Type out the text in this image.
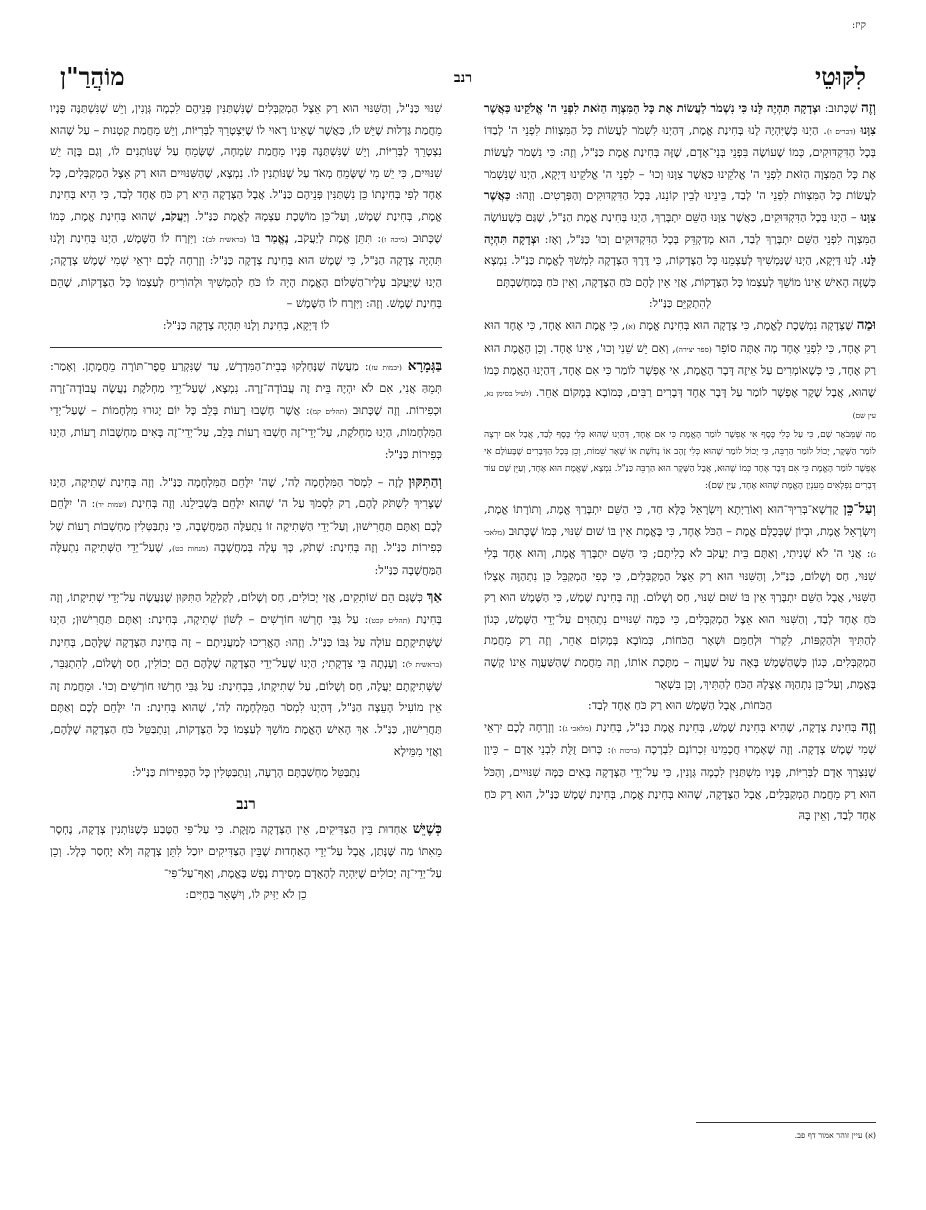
קיז:
לִקּוּטֵי
רנב
מוֹהֲרַ"ן

וְזֶה שֶׁכָּתוּב: וּצְדָקָה תִּהְיֶה לָּנוּ כִּי נִשְׁמֹר לַעֲשׂוֹת אֶת כָּל הַמִּצְוָה הַזֹּאת לִפְנֵי ה' אֱלֹקֵינוּ כַּאֲשֶׁר צִוָּנוּ (דברים ו). הַיְנוּ כְּשֶׁיִּהְיֶה לָנוּ בְּחִינַת אֱמֶת, דְּהַיְנוּ לִשְׁמֹר לַעֲשׂוֹת כָּל הַמִּצְווֹת לִפְנֵי ה' לְבַדּוֹ בְּכָל הַדִּקְדּוּקִים, כְּמוֹ שֶׁעוֹשֶׂה בִּפְנֵי בְּנֵי־אָדָם, שֶׁזֶּה בְּחִינַת אֱמֶת כַּנַּ"ל, וְזֶה: כִּי נִשְׁמֹר לַעֲשׂוֹת אֶת כָּל הַמִּצְוָה הַזֹּאת לִפְנֵי ה' אֱלֹקֵינוּ כַּאֲשֶׁר צִוָּנוּ וְכוּ' – לִפְנֵי ה' אֱלֹקֵינוּ דַּיְקָא, הַיְנוּ שֶׁנִּשְׁמֹר לַעֲשׂוֹת כָּל הַמִּצְווֹת לִפְנֵי ה' לְבַד, בֵּינֵינוּ לְבֵין קוֹנֵנוּ, בְּכָל הַדִּקְדּוּקִים וְהַפְּרָטִים. וְזֶהוּ: כַּאֲשֶׁר צִוָּנוּ – הַיְנוּ בְּכָל הַדִּקְדּוּקִים, כַּאֲשֶׁר צִוָּנוּ הַשֵּׁם יִתְבָּרַךְ, הַיְנוּ בְּחִינַת אֱמֶת הַנַּ"ל, שֶׁגַּם כְּשֶׁעוֹשֶׂה הַמִּצְוָה לִפְנֵי הַשֵּׁם יִתְבָּרַךְ לְבַד, הוּא מְדַקְדֵּק בְּכָל הַדִּקְדּוּקִים וְכוּ' כַּנַּ"ל, וְאָז: וּצְדָקָה תִּהְיֶה לָּנוּ. לָנוּ דַּיְקָא, הַיְנוּ שֶׁנַּמְשִׁיךְ לְעַצְמֵנוּ כָּל הַצְּדָקוֹת, כִּי דֶּרֶךְ הַצְּדָקָה לִמְשֹׁךְ לָאֱמֶת כַּנַּ"ל. נִמְצָא כְּשֶׁזֶּה הָאִישׁ אֵינוֹ מוֹשֵׁךְ לְעַצְמוֹ כָּל הַצְּדָקוֹת, אֲזַי אֵין לָהֶם כֹּחַ הַצְּדָקָה, וְאֵין כֹּחַ בְּמַחְשַׁבְתָּם

לְהִתְקַיֵּם כַּנַּ"ל:

וּמַה שֶׁצְּדָקָה נִמְשֶׁכֶת לָאֱמֶת, כִּי צְדָקָה הוּא בְּחִינַת אֱמֶת (א), כִּי אֱמֶת הוּא אֶחָד, כִּי אֶחָד הוּא רַק אֶחָד, כִּי לִפְנֵי אֶחָד מָה אַתָּה סוֹפֵר (ספר יצירה), וְאִם יֵשׁ שֵׁנִי וְכוּ', אֵינוֹ אֶחָד. וְכֵן הָאֱמֶת הוּא רַק אֶחָד, כִּי כְּשֶׁאוֹמְרִים עַל אֵיזֶה דָּבָר הָאֱמֶת, אִי אֶפְשָׁר לוֹמַר כִּי אִם אֶחָד, דְּהַיְנוּ הָאֱמֶת כְּמוֹ שֶׁהוּא, אֲבָל שֶׁקֶר אֶפְשָׁר לוֹמַר עַל דָּבָר אֶחָד דְּבָרִים רַבִּים, כְּמוֹבָא בְּמָקוֹם אַחֵר. (לעיל בסימן נא, עין שם)

מַה שֶּׁמְּבֹאָר שָׁם, כִּי עַל כְּלִי כֶּסֶף אִי אֶפְשָׁר לוֹמַר הָאֱמֶת כִּי אִם אֶחָד, דְּהַיְנוּ שֶׁהוּא כְּלִי כֶּסֶף לְבַד, אֲבָל אִם יִרְצֶה לוֹמַר הַשֶּׁקֶר, יָכוֹל לוֹמַר הַרְבֵּה, כִּי יָכוֹל לוֹמַר שֶׁהוּא כְּלִי זָהָב אוֹ נְחֹשֶׁת אוֹ שְׁאָר שֵׁמוֹת, וְכֵן בְּכָל הַדְּבָרִים שֶׁבָּעוֹלָם אִי אֶפְשָׁר לוֹמַר הָאֱמֶת כִּי אִם דָּבָר אֶחָד כְּמוֹ שֶׁהוּא, אֲבָל הַשֶּׁקֶר הוּא הַרְבֵּה כַּנַּ"ל. נִמְצָא, שֶׁאֱמֶת הוּא אֶחָד, וְעַיֵּן שָׁם עוֹד דְּבָרִים נִפְלָאִים מֵעִנְיַן הָאֱמֶת שֶׁהוּא אֶחָד, עַיֵּן שָׁם):

וְעַל־כֵּן קֻדְשָׁא־בְּרִיךְ־הוּא וְאוֹרַיְתָא וְיִשְׂרָאֵל כֻּלָּא חַד, כִּי הַשֵּׁם יִתְבָּרַךְ אֱמֶת, וְתוֹרָתוֹ אֱמֶת, וְיִשְׂרָאֵל אֱמֶת, וּבְיוֹן שֶׁבְּכֻלָּם אֱמֶת – הַכֹּל אֶחָד, כִּי בֶּאֱמֶת אֵין בּוֹ שׁוּם שִׁנּוּי, כְּמוֹ שֶׁכָּתוּב (מלאכי ג): אֲנִי ה' לֹא שָׁנִיתִי, וְאַתֶּם בֵּית יַעֲקֹב לֹא כְלִיתֶם; כִּי הַשֵּׁם יִתְבָּרַךְ אֱמֶת, וְהוּא אֶחָד בְּלִי שִׁנּוּי, חַס וְשָׁלוֹם, כַּנַּ"ל, וְהַשִּׁנּוּי הוּא רַק אֵצֶל הַמְקַבְּלִים, כִּי כְּפִי הַמְקַבֵּל כֵּן נִתְהַוֶּה אֶצְלוֹ הַשִּׁנּוּי, אֲבָל הַשֵּׁם יִתְבָּרַךְ אֵין בּוֹ שׁוּם שִׁנּוּי, חַס וְשָׁלוֹם. וְזֶה בְּחִינַת שֶׁמֶשׁ, כִּי הַשֶּׁמֶשׁ הוּא רַק כֹּחַ אֶחָד לְבַד, וְהַשִּׁנּוּי הוּא אֵצֶל הַמְקַבְּלִים, כִּי כַּמָּה שִׁנּוּיִים נִתְהַוִּים עַל־יְדֵי הַשֶּׁמֶשׁ, כְּגוֹן לְהַתִּיךְ וּלְהַקְפּוֹת, לִקְרֹר וּלְחַמֵּם וּשְׁאָר הַכֹּחוֹת, כְּמוֹבָא בְּמָקוֹם אַחֵר, וְזֶה רַק מֵחֲמַת הַמְקַבְּלִים, כְּגוֹן כְּשֶׁהַשֶּׁמֶשׁ בָּאָה עַל שַׁעֲוָה – מַתֶּכֶת אוֹתוֹ, וְזֶה מֵחֲמַת שֶׁהַשַּׁעֲוָה אֵינוֹ קָשֶׁה בֶּאֱמֶת, וְעַל־כֵּן נִתְהַוָּה אֶצְלָהּ הַכֹּחַ לְהַתִּיךְ, וְכֵן בִּשְׁאָר

הַכֹּחוֹת, אֲבָל הַשֶּׁמֶשׁ הוּא רַק כֹּחַ אֶחָד לְבַד:

וְזֶה בְּחִינַת צְדָקָה, שֶׁהִיא בְּחִינַת שֶׁמֶשׁ, בְּחִינַת אֱמֶת כַּנַּ"ל, בְּחִינַת (מלאכי ג): וְזָרְחָה לָכֶם יִרְאֵי שְׁמִי שֶׁמֶשׁ צְדָקָה. וְזֶה שֶׁאָמְרוּ חֲכָמֵינוּ זִכְרוֹנָם לִבְרָכָה (ברכות ו): כְּרוּם זֻלֻּת לִבְנֵי אָדָם – כֵּיוָן שֶׁנִּצְרַךְ אָדָם לַבְּרִיּוֹת, פָּנָיו מִשְׁתַּנִּין לִכְמָה גְּוָנִין, כִּי עַל־יְדֵי הַצְּדָקָה בָּאִים כַּמָּה שִׁנּוּיִים, וְהַכֹּל הוּא רַק מֵחֲמַת הַמְקַבְּלִים, אֲבָל הַצְּדָקָה, שֶׁהוּא בְּחִינַת אֱמֶת, בְּחִינַת שֶׁמֶשׁ כַּנַּ"ל, הוּא רַק כֹּחַ אֶחָד לְבַד, וְאֵין בָּהּ

שִׁנּוּי כַּנַּ"ל, וְהַשִּׁנּוּי הוּא רַק אֵצֶל הַמְקַבְּלִים שֶׁנִּשְׁתַּנִּין פְּנֵיהֶם לִכְמָה גְּוָנִין, וְיֵשׁ שֶׁנִּשְׁתַּנֶּה פָּנָיו מֵחֲמַת גַּדְלוּת שֶׁיֵּשׁ לוֹ, כַּאֲשֶׁר שֶׁאֵינוֹ רָאוּי לוֹ שֶׁיִּצְטָרֵךְ לַבְּרִיּוֹת, וְיֵשׁ מֵחֲמַת קַטְנוּת – עַל שֶׁהוּא נִצְטָרֵךְ לַבְּרִיּוֹת, וְיֵשׁ שֶׁנִּשְׁתַּנֶּה פָּנָיו מֵחֲמַת שִׂמְחָה, שֶׁשָּׂמֵחַ עַל שֶׁנּוֹתְנִים לוֹ, וְגַם בָּזֶה יֵשׁ שִׁנּוּיִים, כִּי יֵשׁ מִי שֶׁשָּׂמֵחַ מְאֹד עַל שֶׁנּוֹתְנִין לוֹ. נִמְצָא, שֶׁהַשִּׁנּוּיִים הוּא רַק אֵצֶל הַמְקַבְּלִים, כָּל אֶחָד לְפִי בְּחִינָתוֹ כֵּן נִשְׁתַּנִּין פְּנֵיהֶם כַּנַּ"ל. אֲבָל הַצְּדָקָה הִיא רַק כֹּחַ אֶחָד לְבַד, כִּי הִיא בְּחִינַת אֱמֶת, בְּחִינַת שֶׁמֶשׁ, וְעַל־כֵּן מוֹשֶׁכֶת עַצְמָהּ לָאֱמֶת כַּנַּ"ל. וְיַעֲקֹב, שֶׁהוּא בְּחִינַת אֱמֶת, כְּמוֹ שֶׁכָּתוּב (מיכה ז): תִּתֵּן אֱמֶת לְיַעֲקֹב, נֶאֱמַר בּוֹ (בראשית לב): וַיִּזְרַח לוֹ הַשֶּׁמֶשׁ, הַיְנוּ בְּחִינַת וְלָנוּ תִּהְיֶה צְדָקָה הַנַּ"ל, כִּי שֶׁמֶשׁ הוּא בְּחִינַת צְדָקָה כַּנַּ"ל: וְזָרְחָה לָכֶם יִרְאֵי שְׁמִי שֶׁמֶשׁ צְדָקָה; הַיְנוּ שֶׁיַּעֲקֹב עָלָיו־הַשָּׁלוֹם הָאֱמֶת הָיָה לוֹ כֹּחַ לְהַמְשִׁיךְ וּלְהוֹרִיחַ לְעַצְמוֹ כָּל הַצְּדָקוֹת, שֶׁהֵם בְּחִינַת שֶׁמֶשׁ. וְזֶה: וַיִּזְרַח לוֹ הַשֶּׁמֶשׁ –

לוֹ דַּיְקָא, בְּחִינַת וְלָנוּ תִּהְיֶה צְדָקָה כַּנַּ"ל:

בַּגְּמָרָא (יבמות עז): מַעֲשֶׂה שֶׁנֶּחְלְקוּ בְּבֵית־הַמִּדְרָשׁ, עַד שֶׁנִּקְרַע סֵפֶר־תּוֹרָה מֵחֲמָתָן. וְאָמַר: תְּמֵהַּ אֲנִי, אִם לֹא יִהְיֶה בֵּית זֶה עֲבוֹדָה־זָרָה. נִמְצָא, שֶׁעַל־יְדֵי מַחְלֹקֶת נַעֲשֶׂה עֲבוֹדָה־זָרָה וּכְפִירוֹת. וְזֶה שֶׁכָּתוּב (תהלים קמ): אֲשֶׁר חָשְׁבוּ רָעוֹת בְּלֵב כָּל יוֹם יָגוּרוּ מִלְחָמוֹת – שֶׁעַל־יְדֵי הַמִּלְחָמוֹת, הַיְנוּ מַחְלֹקֶת, עַל־יְדֵי־זֶה חָשְׁבוּ רָעוֹת בְּלֵב, עַל־יְדֵי־זֶה בָּאִים מַחְשָׁבוֹת רָעוֹת, הַיְנוּ כְּפִירוֹת כַּנַּ"ל:

וְהַתִּקּוּן לָזֶה – לִמְסֹר הַמִּלְחָמָה לַה', שֶׁה' יִלָּחֵם הַמִּלְחָמָה כַּנַּ"ל. וְזֶה בְּחִינַת שְׁתִיקָה, הַיְנוּ שֶׁצָּרִיךְ לִשְׁתֹּק לָהֶם, רַק לִסְמֹךְ עַל ה' שֶׁהוּא יִלָּחֵם בִּשְׁבִילֵנוּ. וְזֶה בְּחִינַת (שמות יד): ה' יִלָּחֵם לָכֶם וְאַתֶּם תַּחֲרִישׁוּן, וְעַל־יְדֵי הַשְּׁתִיקָה זוֹ נִתְעַלֶּה הַמַּחֲשָׁבָה, כִּי נִתְבַּטְּלִין מַחְשְׁבוֹת רָעוֹת שֶׁל כְּפִירוֹת כַּנַּ"ל. וְזֶה בְּחִינַת: שְׁתֹק, כָּךְ עָלָה בְּמַחֲשָׁבָה (מנחות כט), שֶׁעַל־יְדֵי הַשְּׁתִיקָה נִתְעַלֶּה הַמַּחֲשָׁבָה כַּנַּ"ל:

אַךְ כְּשֶׁגַּם הֵם שׁוֹתְקִים, אֲזַי יְכוֹלִים, חַס וְשָׁלוֹם, לְקַלְקֵל הַתִּקּוּן שֶׁנַּעֲשָׂה עַל־יְדֵי שְׁתִיקָתוֹ, וְזֶה בְּחִינַת (תהלים קכט): עַל גַּבִּי חָרְשׁוּ חוֹרְשִׁים – לְשׁוֹן שְׁתִיקָה, בְּחִינַת: וְאַתֶּם תַּחֲרִישׁוּן; הַיְנוּ שֶׁשְּׁתִיקָתָם עוֹלָה עַל גַּבּוֹ כַּנַּ"ל. וְזֶהוּ: הֶאֱרִיכוּ לְמַעֲנִיתָם – זֶה בְּחִינַת הַצְּדָקָה שֶׁלָּהֶם, בְּחִינַת (בראשית ל): וְעָנְתָה בִּי צִדְקָתִי; הַיְנוּ שֶׁעַל־יְדֵי הַצְּדָקָה שֶׁלָּהֶם הֵם יְכוֹלִין, חַס וְשָׁלוֹם, לְהִתְגַּבֵּר, שֶׁשְּׁתִיקָתָם יַעֲלֶה, חַס וְשָׁלוֹם, עַל שְׁתִיקָתוֹ, בִּבְחִינַת: עַל גַּבִּי חָרְשׁוּ חוֹרְשִׁים וְכוּ'. וּמֵחֲמַת זֶה אֵין מוֹעִיל הָעֵצָה הַנַּ"ל, דְּהַיְנוּ לִמְסֹר הַמִּלְחָמָה לַה', שֶׁהוּא בְּחִינַת: ה' יִלָּחֵם לָכֶם וְאַתֶּם תַּחֲרִישׁוּן, כַּנַּ"ל. אַךְ הָאִישׁ הָאֱמֶת מוֹשֵׁךְ לְעַצְמוֹ כָּל הַצְּדָקוֹת, וְנִתְבַּטֵּל כֹּחַ הַצְּדָקָה שֶׁלָּהֶם, וַאֲזַי מִמֵּילָא

נִתְבַּטֵּל מַחְשַׁבְתָּם הָרָעָה, וְנִתְבַּטְּלִין כָּל הַכְּפִירוֹת כַּנַּ"ל:
רנב

כְּשֶׁיֵּשׁ אַחְדוּת בֵּין הַצַּדִּיקִים, אֵין הַצְּדָקָה מַזֶּקֶת. כִּי עַל־פִּי הַטֶּבַע כְּשֶׁנּוֹתְנִין צְדָקָה, נֶחְסָר מֵאִתּוֹ מַה שֶּׁנָּתַן, אֲבָל עַל־יְדֵי הָאַחְדוּת שֶׁבֵּין הַצַּדִּיקִים יוּכַל לִתֵּן צְדָקָה וְלֹא יֶחְסַר כְּלָל. וְכֵן עַל־יְדֵי־זֶה יְכוֹלִים שֶׁיִּהְיֶה לְהָאָדָם מְסִירַת נֶפֶשׁ בֶּאֱמֶת, וְאַף־עַל־פִּי־

כֵן לֹא יַזִּיק לוֹ, וְיִשָּׁאֵר בַּחַיִּים:
(א) עיין זוהר אמור דף פב.
